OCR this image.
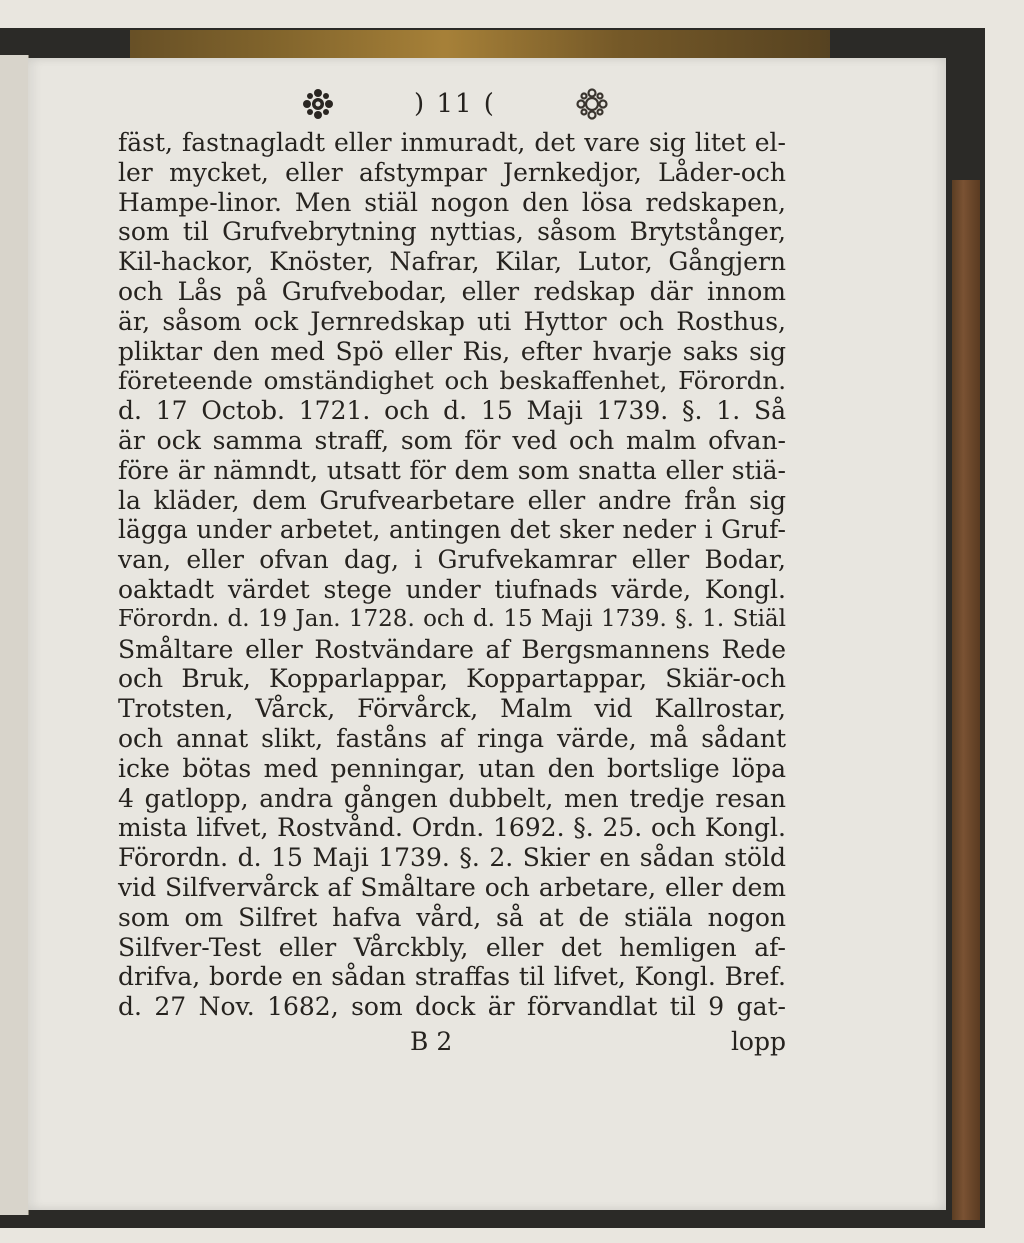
) 11 (
fäst, fastnagladt eller inmuradt, det vare sig litet el-
ler mycket, eller afstympar Jernkedjor, Låder-och
Hampe-linor. Men stiäl nogon den lösa redskapen,
som til Grufvebrytning nyttias, såsom Brytstånger,
Kil-hackor, Knöster, Nafrar, Kilar, Lutor, Gångjern
och Lås på Grufvebodar, eller redskap där innom
är, såsom ock Jernredskap uti Hyttor och Rosthus,
pliktar den med Spö eller Ris, efter hvarje saks sig
företeende omständighet och beskaffenhet, Förordn.
d. 17 Octob. 1721. och d. 15 Maji 1739. §. 1. Så
är ock samma straff, som för ved och malm ofvan-
före är nämndt, utsatt för dem som snatta eller stiä-
la kläder, dem Grufvearbetare eller andre från sig
lägga under arbetet, antingen det sker neder i Gruf-
van, eller ofvan dag, i Grufvekamrar eller Bodar,
oaktadt värdet stege under tiufnads värde, Kongl.
Förordn. d. 19 Jan. 1728. och d. 15 Maji 1739. §. 1. Stiäl
Småltare eller Rostvändare af Bergsmannens Rede
och Bruk, Kopparlappar, Koppartappar, Skiär-och
Trotsten, Vårck, Förvårck, Malm vid Kallrostar,
och annat slikt, faståns af ringa värde, må sådant
icke bötas med penningar, utan den bortslige löpa
4 gatlopp, andra gången dubbelt, men tredje resan
mista lifvet, Rostvånd. Ordn. 1692. §. 25. och Kongl.
Förordn. d. 15 Maji 1739. §. 2. Skier en sådan stöld
vid Silfvervårck af Småltare och arbetare, eller dem
som om Silfret hafva vård, så at de stiäla nogon
Silfver-Test eller Vårckbly, eller det hemligen af-
drifva, borde en sådan straffas til lifvet, Kongl. Bref.
d. 27 Nov. 1682, som dock är förvandlat til 9 gat-
B 2	lopp
